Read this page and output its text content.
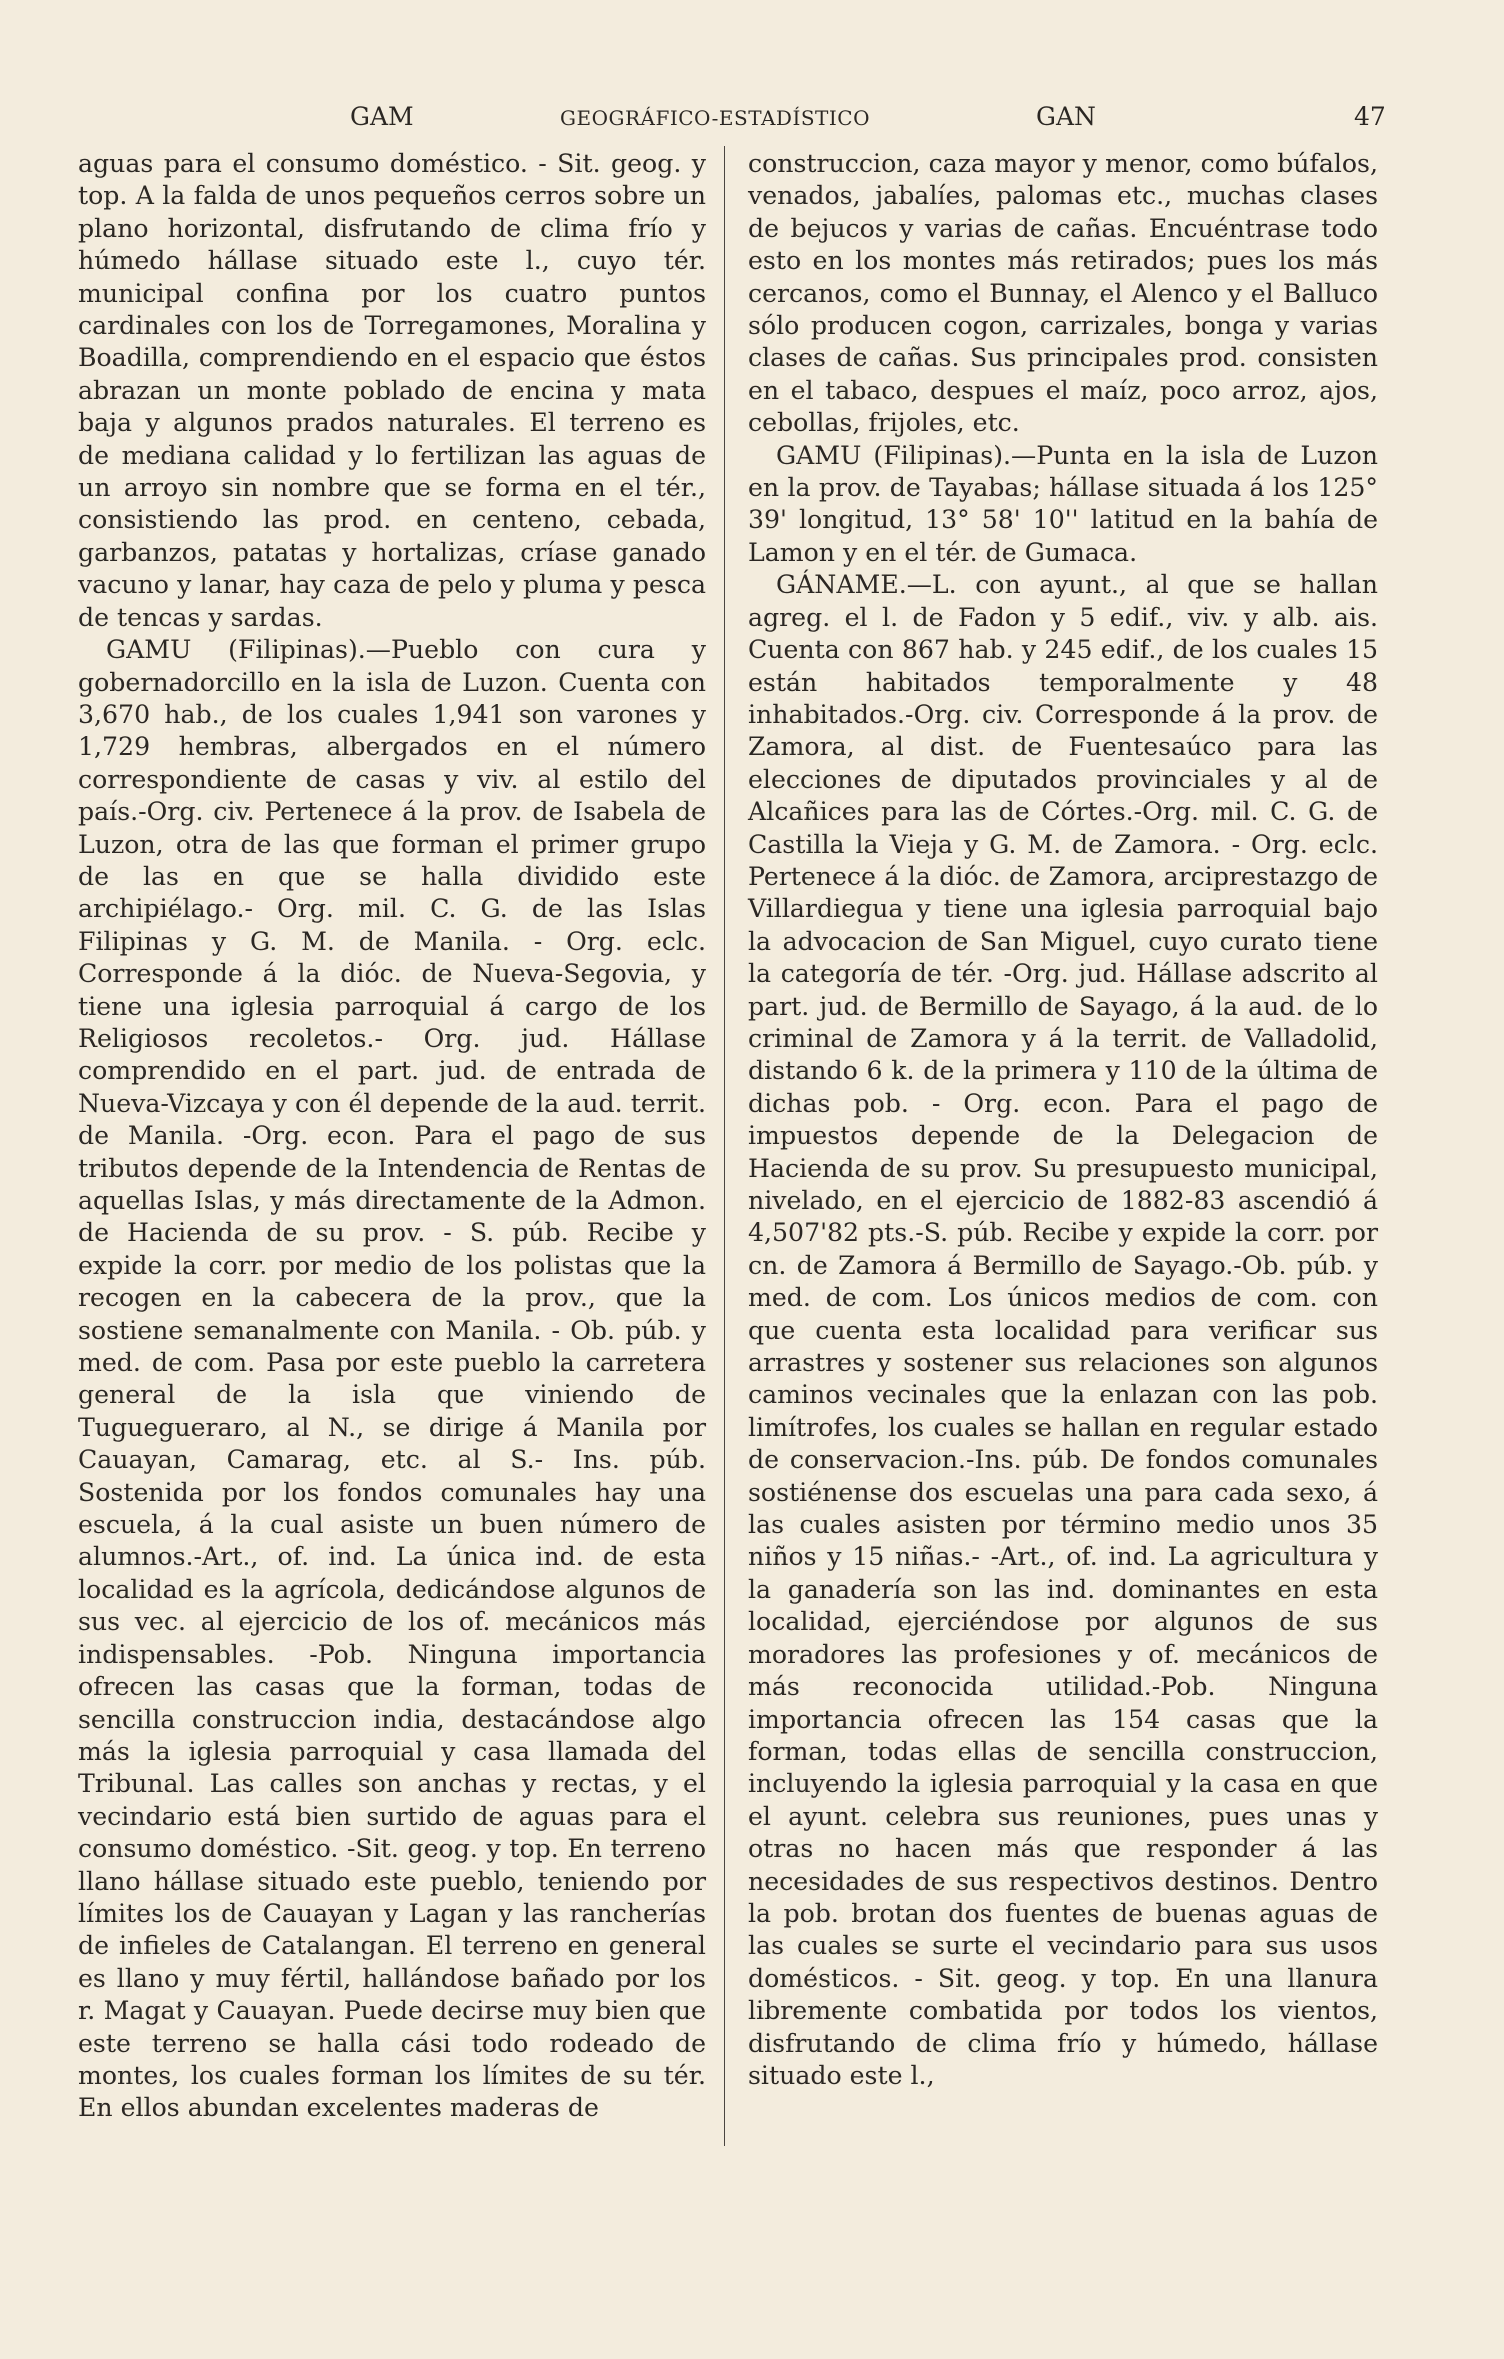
GAM	GEOGRÁFICO-ESTADÍSTICO	GAN	47

aguas para el consumo doméstico. - Sit. geog. y top. A la falda de unos pequeños cerros sobre un plano horizontal, disfrutando de clima frío y húmedo hállase situado este l., cuyo tér. municipal confina por los cuatro puntos cardinales con los de Torregamones, Moralina y Boadilla, comprendiendo en el espacio que éstos abrazan un monte poblado de encina y mata baja y algunos prados naturales. El terreno es de mediana calidad y lo fertilizan las aguas de un arroyo sin nombre que se forma en el tér., consistiendo las prod. en centeno, cebada, garbanzos, patatas y hortalizas, críase ganado vacuno y lanar, hay caza de pelo y pluma y pesca de tencas y sardas.

GAMU (Filipinas).—Pueblo con cura y gobernadorcillo en la isla de Luzon. Cuenta con 3,670 hab., de los cuales 1,941 son varones y 1,729 hembras, albergados en el número correspondiente de casas y viv. al estilo del país.-Org. civ. Pertenece á la prov. de Isabela de Luzon, otra de las que forman el primer grupo de las en que se halla dividido este archipiélago.- Org. mil. C. G. de las Islas Filipinas y G. M. de Manila. - Org. eclc. Corresponde á la dióc. de Nueva-Segovia, y tiene una iglesia parroquial á cargo de los Religiosos recoletos.- Org. jud. Hállase comprendido en el part. jud. de entrada de Nueva-Vizcaya y con él depende de la aud. territ. de Manila. -Org. econ. Para el pago de sus tributos depende de la Intendencia de Rentas de aquellas Islas, y más directamente de la Admon. de Hacienda de su prov. - S. púb. Recibe y expide la corr. por medio de los polistas que la recogen en la cabecera de la prov., que la sostiene semanalmente con Manila. - Ob. púb. y med. de com. Pasa por este pueblo la carretera general de la isla que viniendo de Tuguegueraro, al N., se dirige á Manila por Cauayan, Camarag, etc. al S.- Ins. púb. Sostenida por los fondos comunales hay una escuela, á la cual asiste un buen número de alumnos.-Art., of. ind. La única ind. de esta localidad es la agrícola, dedicándose algunos de sus vec. al ejercicio de los of. mecánicos más indispensables. -Pob. Ninguna importancia ofrecen las casas que la forman, todas de sencilla construccion india, destacándose algo más la iglesia parroquial y casa llamada del Tribunal. Las calles son anchas y rectas, y el vecindario está bien surtido de aguas para el consumo doméstico. -Sit. geog. y top. En terreno llano hállase situado este pueblo, teniendo por límites los de Cauayan y Lagan y las rancherías de infieles de Catalangan. El terreno en general es llano y muy fértil, hallándose bañado por los r. Magat y Cauayan. Puede decirse muy bien que este terreno se halla cási todo rodeado de montes, los cuales forman los límites de su tér. En ellos abundan excelentes maderas de

construccion, caza mayor y menor, como búfalos, venados, jabalíes, palomas etc., muchas clases de bejucos y varias de cañas. Encuéntrase todo esto en los montes más retirados; pues los más cercanos, como el Bunnay, el Alenco y el Balluco sólo producen cogon, carrizales, bonga y varias clases de cañas. Sus principales prod. consisten en el tabaco, despues el maíz, poco arroz, ajos, cebollas, frijoles, etc.

GAMU (Filipinas).—Punta en la isla de Luzon en la prov. de Tayabas; hállase situada á los 125° 39' longitud, 13° 58' 10'' latitud en la bahía de Lamon y en el tér. de Gumaca.

GÁNAME.—L. con ayunt., al que se hallan agreg. el l. de Fadon y 5 edif., viv. y alb. ais. Cuenta con 867 hab. y 245 edif., de los cuales 15 están habitados temporalmente y 48 inhabitados.-Org. civ. Corresponde á la prov. de Zamora, al dist. de Fuentesaúco para las elecciones de diputados provinciales y al de Alcañices para las de Córtes.-Org. mil. C. G. de Castilla la Vieja y G. M. de Zamora. - Org. eclc. Pertenece á la dióc. de Zamora, arciprestazgo de Villardiegua y tiene una iglesia parroquial bajo la advocacion de San Miguel, cuyo curato tiene la categoría de tér. -Org. jud. Hállase adscrito al part. jud. de Bermillo de Sayago, á la aud. de lo criminal de Zamora y á la territ. de Valladolid, distando 6 k. de la primera y 110 de la última de dichas pob. - Org. econ. Para el pago de impuestos depende de la Delegacion de Hacienda de su prov. Su presupuesto municipal, nivelado, en el ejercicio de 1882-83 ascendió á 4,507'82 pts.-S. púb. Recibe y expide la corr. por cn. de Zamora á Bermillo de Sayago.-Ob. púb. y med. de com. Los únicos medios de com. con que cuenta esta localidad para verificar sus arrastres y sostener sus relaciones son algunos caminos vecinales que la enlazan con las pob. limítrofes, los cuales se hallan en regular estado de conservacion.-Ins. púb. De fondos comunales sostiénense dos escuelas una para cada sexo, á las cuales asisten por término medio unos 35 niños y 15 niñas.- -Art., of. ind. La agricultura y la ganadería son las ind. dominantes en esta localidad, ejerciéndose por algunos de sus moradores las profesiones y of. mecánicos de más reconocida utilidad.-Pob. Ninguna importancia ofrecen las 154 casas que la forman, todas ellas de sencilla construccion, incluyendo la iglesia parroquial y la casa en que el ayunt. celebra sus reuniones, pues unas y otras no hacen más que responder á las necesidades de sus respectivos destinos. Dentro la pob. brotan dos fuentes de buenas aguas de las cuales se surte el vecindario para sus usos domésticos. - Sit. geog. y top. En una llanura libremente combatida por todos los vientos, disfrutando de clima frío y húmedo, hállase situado este l.,
